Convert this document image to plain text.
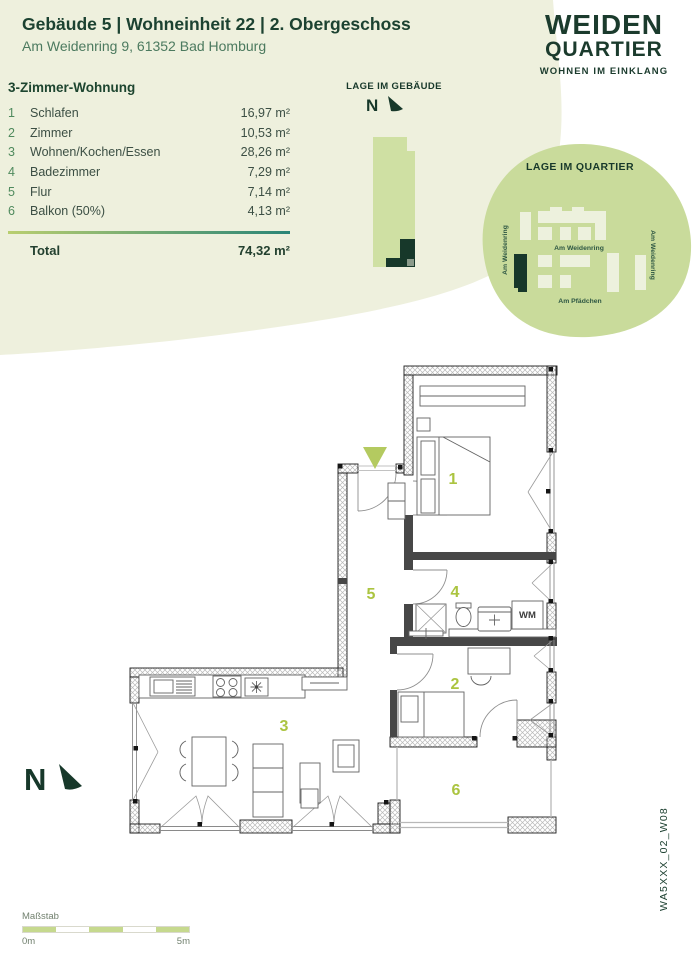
LAGE IM GEBÄUDE
N
LAGE IM QUARTIER
Am Weidenring	Am Weidenring	Am Weidenring
Am Pfädchen
WM
1
2
3
4
5
6
N
Gebäude 5 | Wohneinheit 22 | 2. Obergeschoss
Am Weidenring 9, 61352 Bad Homburg
WEIDEN
QUARTIER
WOHNEN IM EINKLANG
3-Zimmer-Wohnung
1	Schlafen	16,97 m²
2	Zimmer	10,53 m²
3	Wohnen/Kochen/Essen	28,26 m²
4	Badezimmer	7,29 m²
5	Flur	7,14 m²
6	Balkon (50%)	4,13 m²
Total	74,32 m²
Maßstab
0m	5m
WA5XXX_02_W08
